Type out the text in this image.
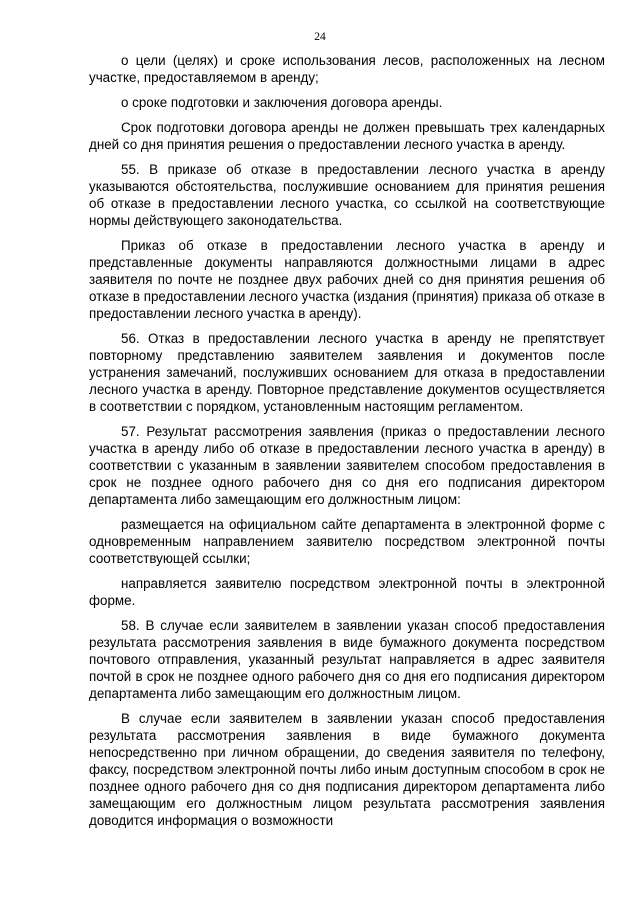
24

о цели (целях) и сроке использования лесов, расположенных на лесном участке, предоставляемом в аренду;

о сроке подготовки и заключения договора аренды.

Срок подготовки договора аренды не должен превышать трех календарных дней со дня принятия решения о предоставлении лесного участка в аренду.

55. В приказе об отказе в предоставлении лесного участка в аренду указываются обстоятельства, послужившие основанием для принятия решения об отказе в предоставлении лесного участка, со ссылкой на соответствующие нормы действующего законодательства.

Приказ об отказе в предоставлении лесного участка в аренду и представленные документы направляются должностными лицами в адрес заявителя по почте не позднее двух рабочих дней со дня принятия решения об отказе в предоставлении лесного участка (издания (принятия) приказа об отказе в предоставлении лесного участка в аренду).

56. Отказ в предоставлении лесного участка в аренду не препятствует повторному представлению заявителем заявления и документов после устранения замечаний, послуживших основанием для отказа в предоставлении лесного участка в аренду. Повторное представление документов осуществляется в соответствии с порядком, установленным настоящим регламентом.

57. Результат рассмотрения заявления (приказ о предоставлении лесного участка в аренду либо об отказе в предоставлении лесного участка в аренду) в соответствии с указанным в заявлении заявителем способом предоставления в срок не позднее одного рабочего дня со дня его подписания директором департамента либо замещающим его должностным лицом:

размещается на официальном сайте департамента в электронной форме с одновременным направлением заявителю посредством электронной почты соответствующей ссылки;

направляется заявителю посредством электронной почты в электронной форме.

58. В случае если заявителем в заявлении указан способ предоставления результата рассмотрения заявления в виде бумажного документа посредством почтового отправления, указанный результат направляется в адрес заявителя почтой в срок не позднее одного рабочего дня со дня его подписания директором департамента либо замещающим его должностным лицом.

В случае если заявителем в заявлении указан способ предоставления результата рассмотрения заявления в виде бумажного документа непосредственно при личном обращении, до сведения заявителя по телефону, факсу, посредством электронной почты либо иным доступным способом в срок не позднее одного рабочего дня со дня подписания директором департамента либо замещающим его должностным лицом результата рассмотрения заявления доводится информация о возможности
